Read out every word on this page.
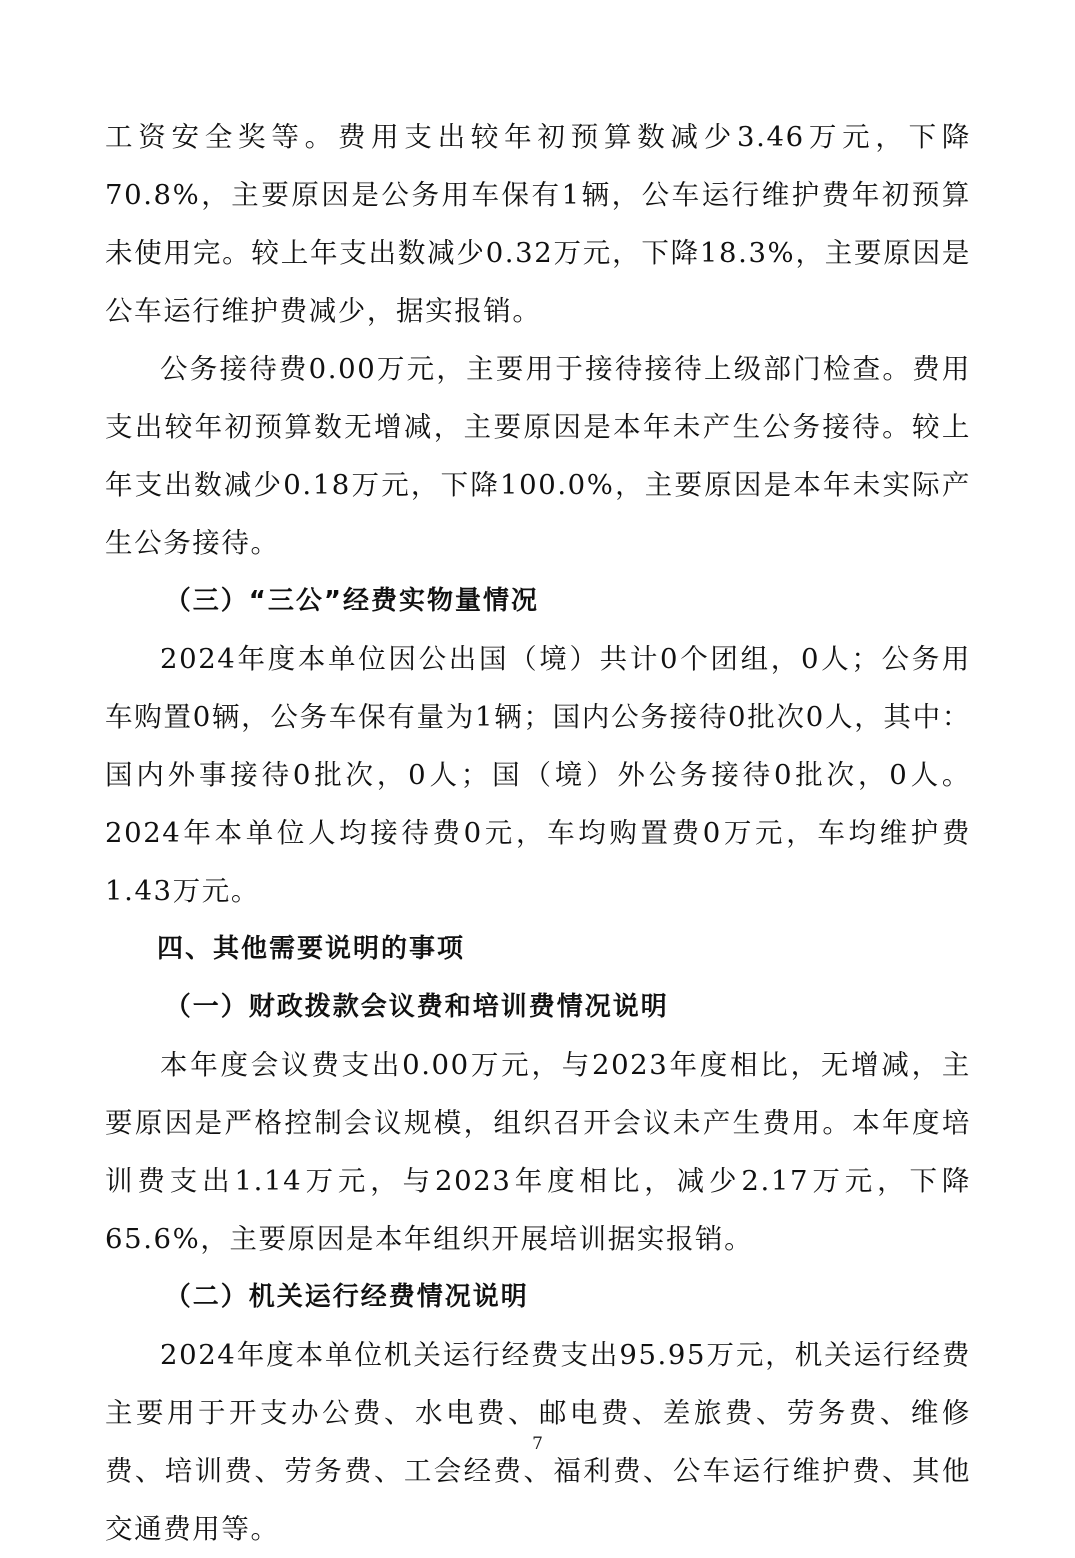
工资安全奖等。费用支出较年初预算数减少3.46万元，下降70.8%，主要原因是公务用车保有1辆，公车运行维护费年初预算未使用完。较上年支出数减少0.32万元，下降18.3%，主要原因是公车运行维护费减少，据实报销。

公务接待费0.00万元，主要用于接待接待上级部门检查。费用支出较年初预算数无增减，主要原因是本年未产生公务接待。较上年支出数减少0.18万元，下降100.0%，主要原因是本年未实际产生公务接待。

（三）“三公”经费实物量情况

2024年度本单位因公出国（境）共计0个团组，0人；公务用车购置0辆，公务车保有量为1辆；国内公务接待0批次0人，其中：国内外事接待0批次，0人；国（境）外公务接待0批次，0人。2024年本单位人均接待费0元，车均购置费0万元，车均维护费1.43万元。

四、其他需要说明的事项

（一）财政拨款会议费和培训费情况说明

本年度会议费支出0.00万元，与2023年度相比，无增减，主要原因是严格控制会议规模，组织召开会议未产生费用。本年度培训费支出1.14万元，与2023年度相比，减少2.17万元，下降65.6%，主要原因是本年组织开展培训据实报销。

（二）机关运行经费情况说明

2024年度本单位机关运行经费支出95.95万元，机关运行经费主要用于开支办公费、水电费、邮电费、差旅费、劳务费、维修费、培训费、劳务费、工会经费、福利费、公车运行维护费、其他交通费用等。

7
